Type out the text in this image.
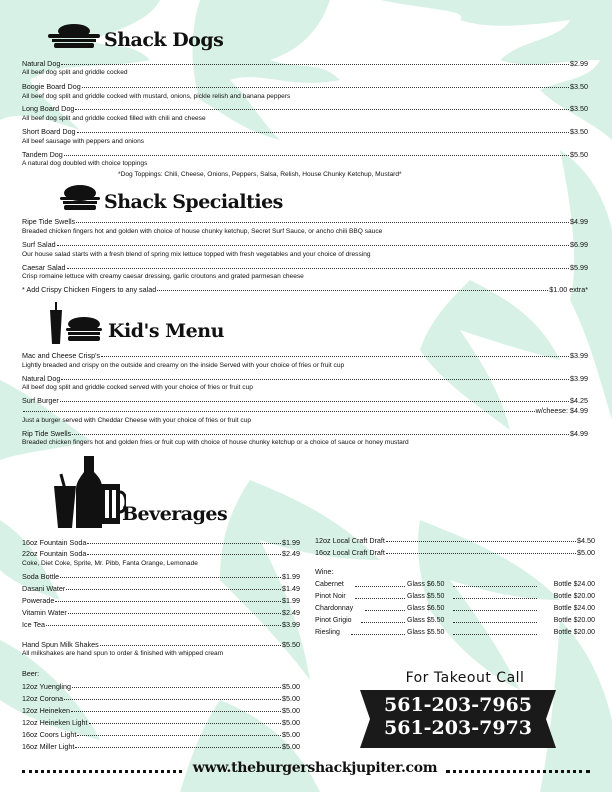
Shack Dogs
Natural Dog	$2.99
All beef dog split and griddle cocked
Boogie Board Dog	$3.50
All beef dog split and griddle cocked with mustard, onions, pickle relish and banana peppers
Long Board Dog	$3.50
All beef dog split and griddle cocked filled with chili and cheese
Short Board Dog	$3.50
All beef sausage with peppers and onions
Tandem Dog	$5.50
A natural dog doubled with choice toppings
*Dog Toppings: Chili, Cheese, Onions, Peppers, Salsa, Relish, House Chunky Ketchup, Mustard*
Shack Specialties
Ripe Tide Swells	$4.99
Breaded chicken fingers hot and golden with choice of house chunky ketchup, Secret Surf Sauce, or ancho chili BBQ sauce
Surf Salad	$6.99
Our house salad starts with a fresh blend of spring mix lettuce topped with fresh vegetables and your choice of dressing
Caesar Salad	$5.99
Crisp romaine lettuce with creamy caesar dressing, garlic croutons and grated parmesan cheese
* Add Crispy Chicken Fingers to any salad	$1.00 extra*
Kid's Menu
Mac and Cheese Crisp's	$3.99
Lightly breaded and crispy on the outside and creamy on the inside Served with your choice of fries or fruit cup
Natural Dog	$3.99
All beef dog split and griddle cocked served with your choice of fries or fruit cup
Surf Burger	$4.25
w/cheese: $4.99
Just a burger served with Cheddar Cheese with your choice of fries or fruit cup
Rip Tide Swells	$4.99
Breaded chicken fingers hot and golden fries or fruit cup with choice of house chunky ketchup or a choice of sauce or honey mustard
Beverages
16oz Fountain Soda	$1.99
22oz Fountain Soda	$2.49
Coke, Diet Coke, Sprite, Mr. Pibb, Fanta Orange, Lemonade
Soda Bottle	$1.99
Dasani Water	$1.49
Powerade	$1.99
Vitamin Water	$2.49
Ice Tea	$3.99
Hand Spun Milk Shakes	$5.50
All milkshakes are hand spun to order & finished with whipped cream
Beer:
12oz Yuengling	$5.00
12oz Corona	$5.00
12oz Heineken	$5.00
12oz Heineken Light	$5.00
16oz Coors Light	$5.00
16oz Miller Light	$5.00
12oz Local Craft Draft	$4.50
16oz Local Craft Draft	$5.00
Wine:
Cabernet	Glass $6.50	Bottle $24.00
Pinot Noir	Glass $5.50	Bottle $20.00
Chardonnay	Glass $6.50	Bottle $24.00
Pinot Grigio	Glass $5.50	Bottle $20.00
Riesling	Glass $5.50	Bottle $20.00
For Takeout Call
561-203-7965
561-203-7973
www.theburgershackjupiter.com
